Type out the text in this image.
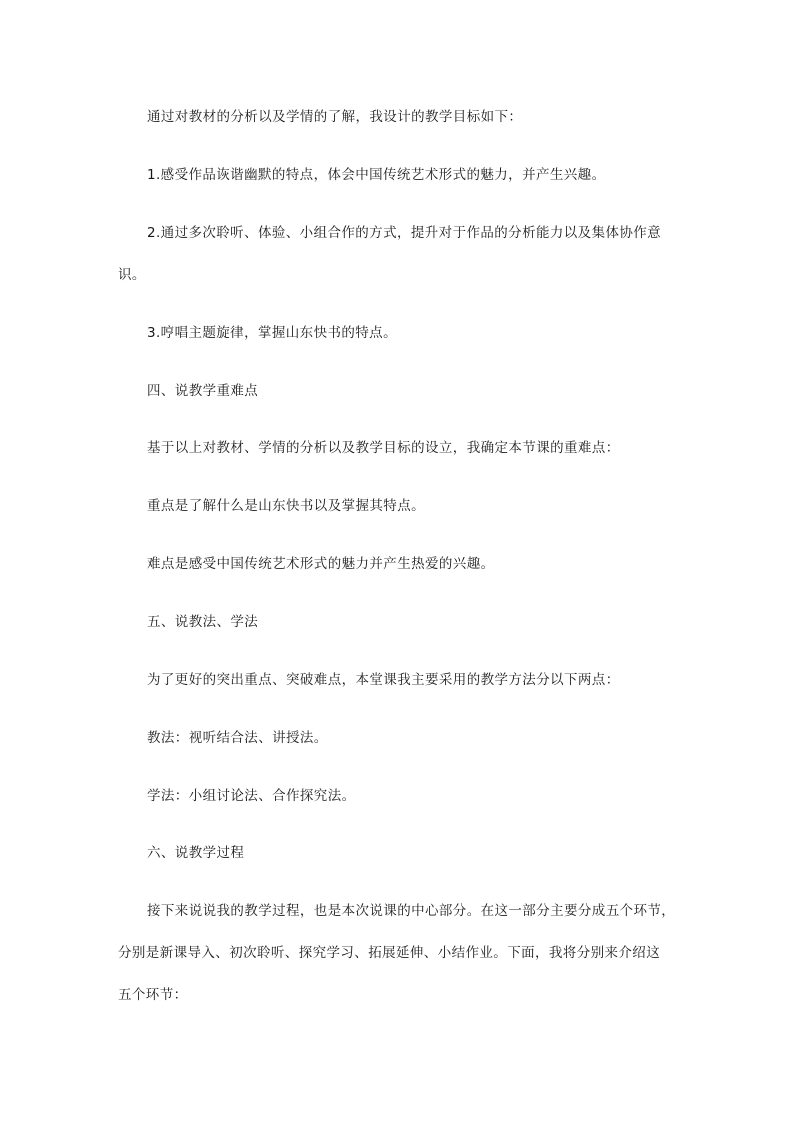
通过对教材的分析以及学情的了解，我设计的教学目标如下：

1.感受作品诙谐幽默的特点，体会中国传统艺术形式的魅力，并产生兴趣。

2.通过多次聆听、体验、小组合作的方式，提升对于作品的分析能力以及集体协作意

识。

3.哼唱主题旋律，掌握山东快书的特点。

四、说教学重难点

基于以上对教材、学情的分析以及教学目标的设立，我确定本节课的重难点：

重点是了解什么是山东快书以及掌握其特点。

难点是感受中国传统艺术形式的魅力并产生热爱的兴趣。

五、说教法、学法

为了更好的突出重点、突破难点，本堂课我主要采用的教学方法分以下两点：

教法：视听结合法、讲授法。

学法：小组讨论法、合作探究法。

六、说教学过程

接下来说说我的教学过程，也是本次说课的中心部分。在这一部分主要分成五个环节，

分别是新课导入、初次聆听、探究学习、拓展延伸、小结作业。下面，我将分别来介绍这

五个环节：
